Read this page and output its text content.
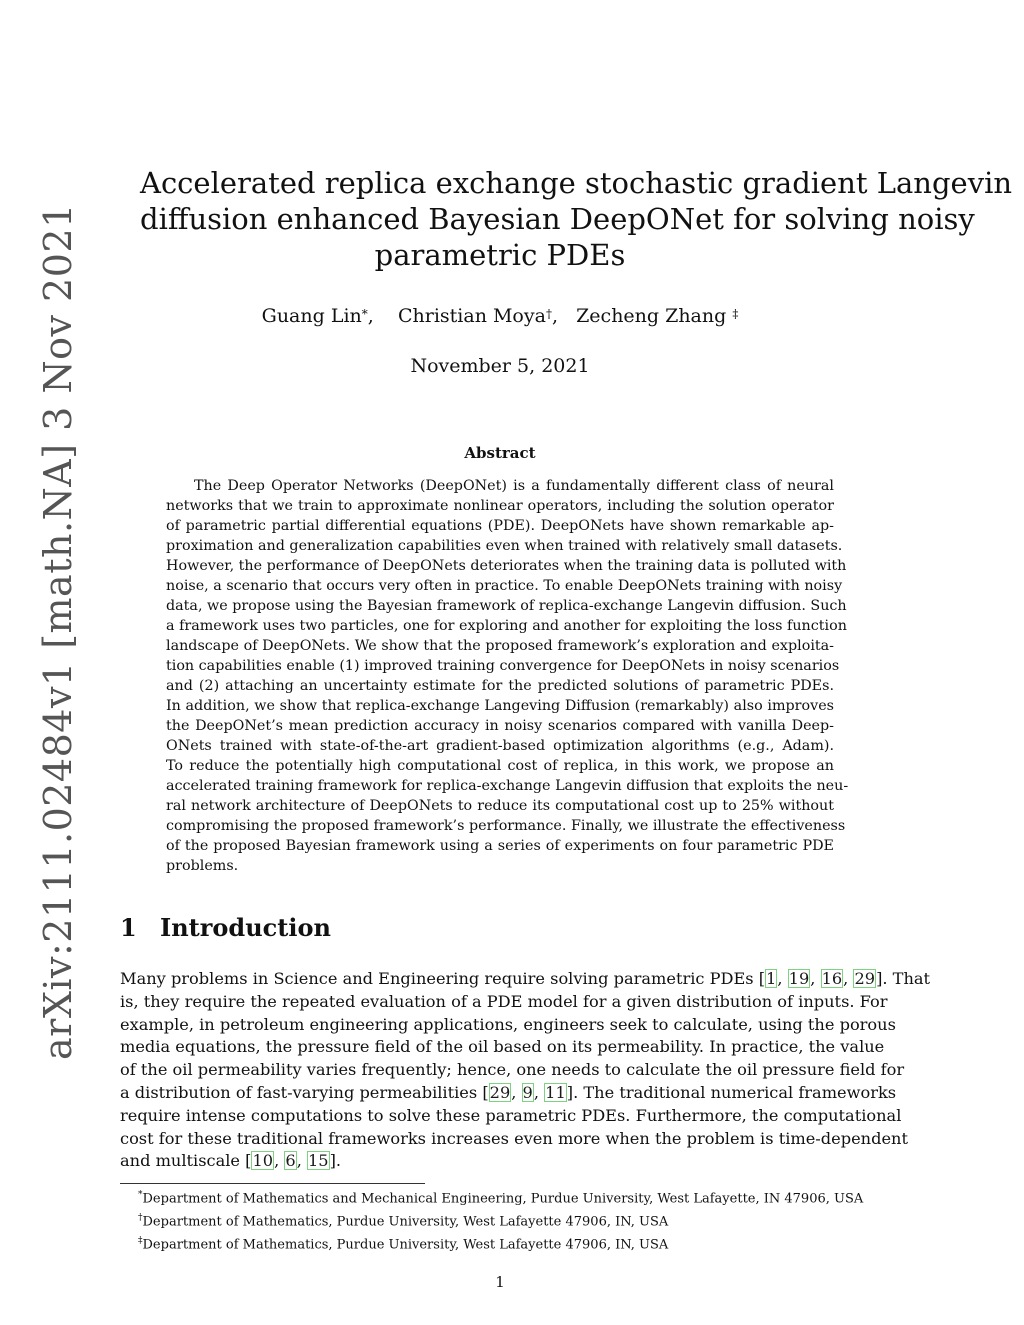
arXiv:2111.02484v1 [math.NA] 3 Nov 2021
Accelerated replica exchange stochastic gradient Langevin
diffusion enhanced Bayesian DeepONet for solving noisy
parametric PDEs
Guang Lin*,    Christian Moya†,   Zecheng Zhang ‡
November 5, 2021
Abstract
The Deep Operator Networks (DeepONet) is a fundamentally different class of neural
networks that we train to approximate nonlinear operators, including the solution operator
of parametric partial differential equations (PDE). DeepONets have shown remarkable ap-
proximation and generalization capabilities even when trained with relatively small datasets.
However, the performance of DeepONets deteriorates when the training data is polluted with
noise, a scenario that occurs very often in practice. To enable DeepONets training with noisy
data, we propose using the Bayesian framework of replica-exchange Langevin diffusion. Such
a framework uses two particles, one for exploring and another for exploiting the loss function
landscape of DeepONets. We show that the proposed framework’s exploration and exploita-
tion capabilities enable (1) improved training convergence for DeepONets in noisy scenarios
and (2) attaching an uncertainty estimate for the predicted solutions of parametric PDEs.
In addition, we show that replica-exchange Langeving Diffusion (remarkably) also improves
the DeepONet’s mean prediction accuracy in noisy scenarios compared with vanilla Deep-
ONets trained with state-of-the-art gradient-based optimization algorithms (e.g., Adam).
To reduce the potentially high computational cost of replica, in this work, we propose an
accelerated training framework for replica-exchange Langevin diffusion that exploits the neu-
ral network architecture of DeepONets to reduce its computational cost up to 25% without
compromising the proposed framework’s performance. Finally, we illustrate the effectiveness
of the proposed Bayesian framework using a series of experiments on four parametric PDE
problems.
1 Introduction
Many problems in Science and Engineering require solving parametric PDEs [1, 19, 16, 29]. That
is, they require the repeated evaluation of a PDE model for a given distribution of inputs. For
example, in petroleum engineering applications, engineers seek to calculate, using the porous
media equations, the pressure field of the oil based on its permeability. In practice, the value
of the oil permeability varies frequently; hence, one needs to calculate the oil pressure field for
a distribution of fast-varying permeabilities [29, 9, 11]. The traditional numerical frameworks
require intense computations to solve these parametric PDEs. Furthermore, the computational
cost for these traditional frameworks increases even more when the problem is time-dependent
and multiscale [10, 6, 15].
*Department of Mathematics and Mechanical Engineering, Purdue University, West Lafayette, IN 47906, USA
†Department of Mathematics, Purdue University, West Lafayette 47906, IN, USA
‡Department of Mathematics, Purdue University, West Lafayette 47906, IN, USA
1
